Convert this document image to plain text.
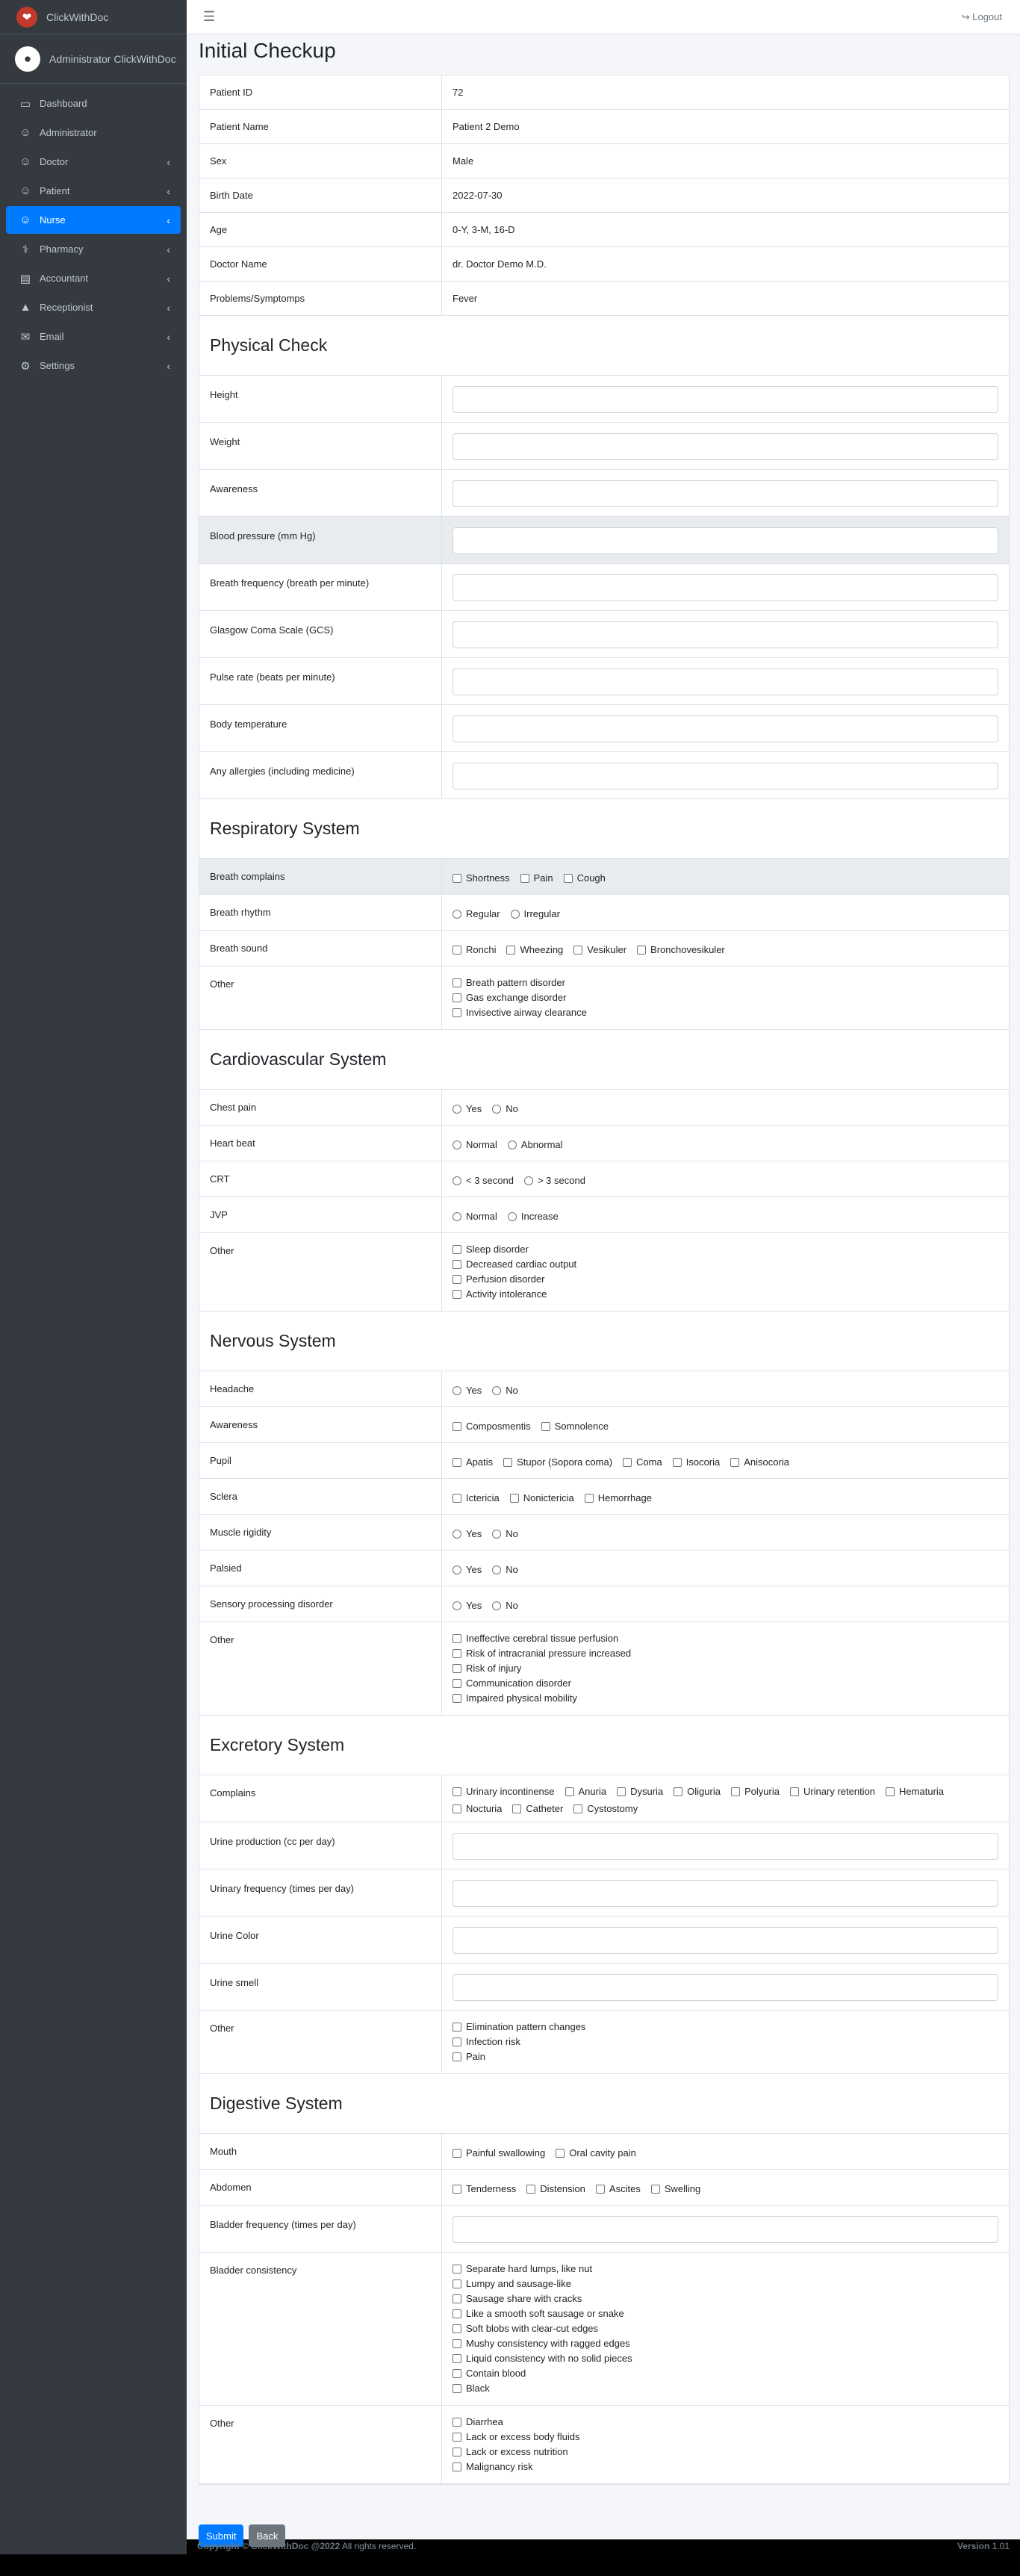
❤	ClickWithDoc
●	Administrator ClickWithDoc
▭ Dashboard
☺ Administrator
☺ Doctor	‹
☺ Patient	‹
☺ Nurse	‹
⚕	Pharmacy	‹
▤ Accountant	‹
▲ Receptionist	‹
✉ Email	‹
⚙ Settings	‹
☰	↪ Logout
Initial Checkup
Patient ID	72
Patient Name	Patient 2 Demo
Sex	Male
Birth Date	2022-07-30
Age	0-Y, 3-M, 16-D
Doctor Name	dr. Doctor Demo M.D.
Problems/Symptomps	Fever
Physical Check
Height
Weight
Awareness
Blood pressure (mm Hg)
Breath frequency (breath per minute)
Glasgow Coma Scale (GCS)
Pulse rate (beats per minute)
Body temperature
Any allergies (including medicine)
Respiratory System
Breath complains	Shortness Pain Cough
Breath rhythm	Regular Irregular
Breath sound	Ronchi Wheezing Vesikuler Bronchovesikuler
Other	Breath pattern disorder
Gas exchange disorder
Invisective airway clearance
Cardiovascular System
Chest pain	Yes No
Heart beat	Normal Abnormal
CRT	< 3 second > 3 second
JVP	Normal Increase
Other	Sleep disorder
Decreased cardiac output
Perfusion disorder
Activity intolerance
Nervous System
Headache	Yes No
Awareness	Composmentis Somnolence
Pupil	Apatis Stupor (Sopora coma) Coma Isocoria Anisocoria
Sclera	Ictericia Nonictericia Hemorrhage
Muscle rigidity	Yes No
Palsied	Yes No
Sensory processing disorder	Yes No
Other	Ineffective cerebral tissue perfusion
Risk of intracranial pressure increased
Risk of injury
Communication disorder
Impaired physical mobility
Excretory System
Complains	Urinary incontinense Anuria Dysuria Oliguria Polyuria Urinary retention Hematuria
Nocturia Catheter Cystostomy
Urine production (cc per day)
Urinary frequency (times per day)
Urine Color
Urine smell
Other	Elimination pattern changes
Infection risk
Pain
Digestive System
Mouth	Painful swallowing Oral cavity pain
Abdomen	Tenderness Distension Ascites Swelling
Bladder frequency (times per day)
Bladder consistency	Separate hard lumps, like nut
Lumpy and sausage-like
Sausage share with cracks
Like a smooth soft sausage or snake
Soft blobs with clear-cut edges
Mushy consistency with ragged edges
Liquid consistency with no solid pieces
Contain blood
Black
Other	Diarrhea
Lack or excess body fluids
Lack or excess nutrition
Malignancy risk
Submit	Back
Copyright © ClickWithDoc @2022 All rights reserved.	Version 1.01
